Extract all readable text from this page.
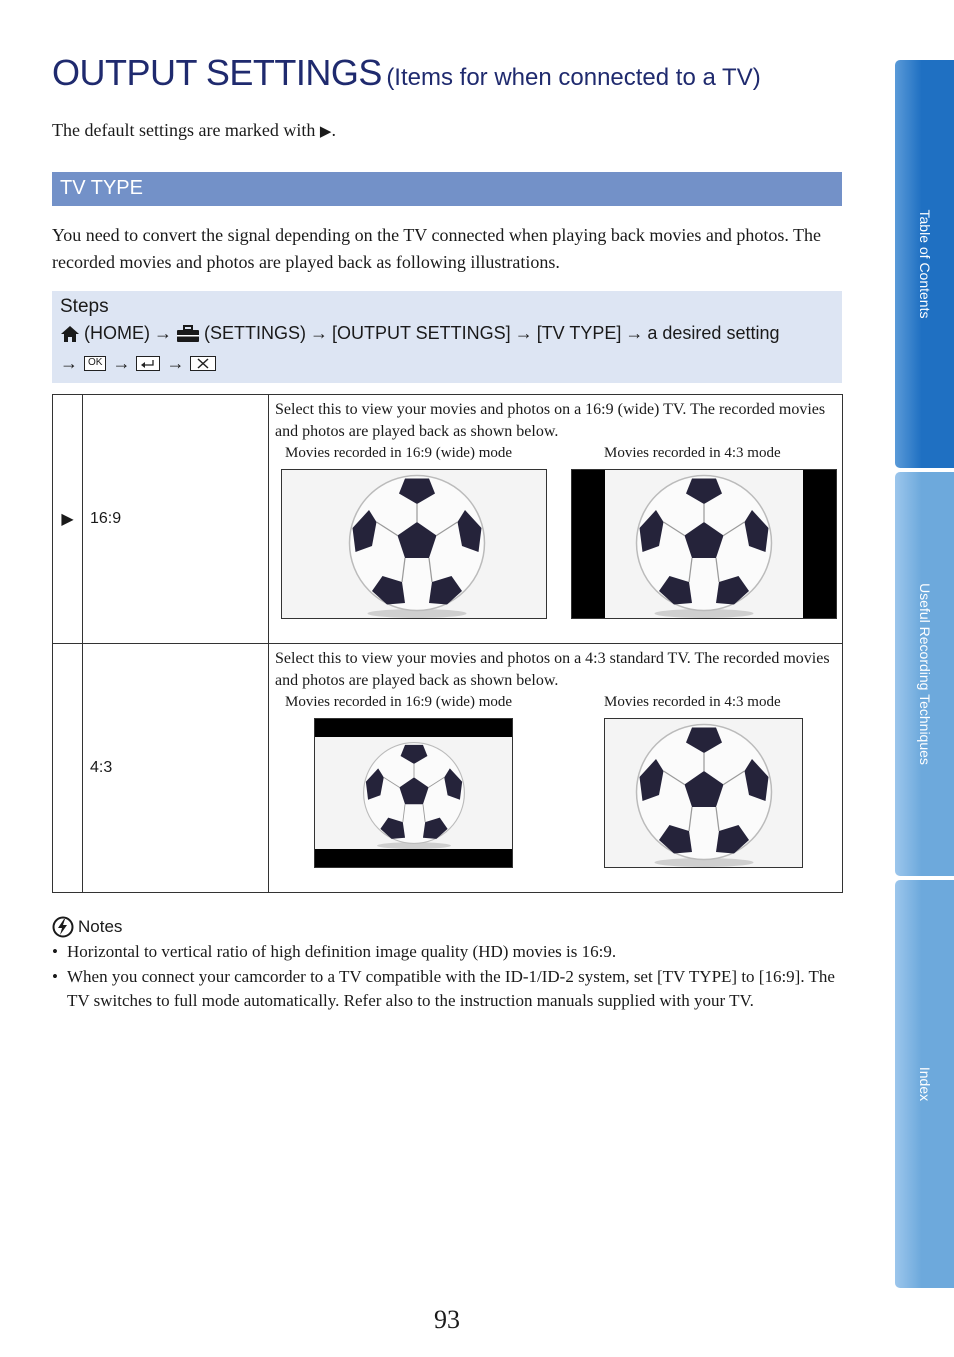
OUTPUT SETTINGS (Items for when connected to a TV)
The default settings are marked with ▶.
TV TYPE
You need to convert the signal depending on the TV connected when playing back movies and photos. The recorded movies and photos are played back as following illustrations.
Steps
(HOME) → (SETTINGS) → [OUTPUT SETTINGS] → [TV TYPE] → a desired setting
→	OK → →
▶	16:9	Select this to view your movies and photos on a 16:9 (wide) TV. The recorded movies and photos are played back as shown below.
Movies recorded in 16:9 (wide) mode Movies recorded in 4:3 mode

	4:3	Select this to view your movies and photos on a 4:3 standard TV. The recorded movies and photos are played back as shown below.
Movies recorded in 16:9 (wide) mode Movies recorded in 4:3 mode
Notes
• Horizontal to vertical ratio of high definition image quality (HD) movies is 16:9.
• When you connect your camcorder to a TV compatible with the ID-1/ID-2 system, set [TV TYPE] to [16:9]. The TV switches to full mode automatically. Refer also to the instruction manuals supplied with your TV.
93
Table of Contents
Useful Recording Techniques
Index
